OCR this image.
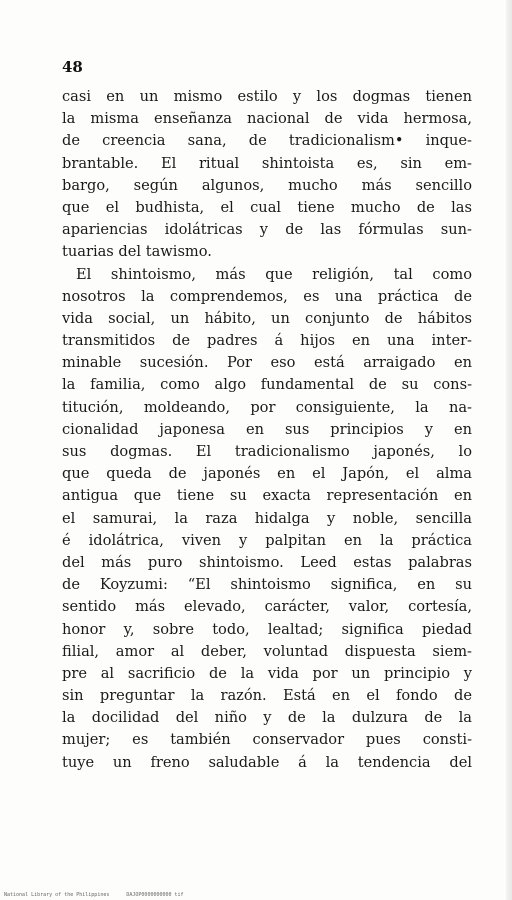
48
casi en un mismo estilo y los dogmas tienen
la misma enseñanza nacional de vida hermosa,
de creencia sana, de tradicionalism• inque-
brantable. El ritual shintoista es, sin em-
bargo, según algunos, mucho más sencillo
que el budhista, el cual tiene mucho de las
apariencias idolátricas y de las fórmulas sun-
tuarias del tawismo.
El shintoismo, más que religión, tal como
nosotros la comprendemos, es una práctica de
vida social, un hábito, un conjunto de hábitos
transmitidos de padres á hijos en una inter-
minable sucesión. Por eso está arraigado en
la familia, como algo fundamental de su cons-
titución, moldeando, por consiguiente, la na-
cionalidad japonesa en sus principios y en
sus dogmas. El tradicionalismo japonés, lo
que queda de japonés en el Japón, el alma
antigua que tiene su exacta representación en
el samurai, la raza hidalga y noble, sencilla
é idolátrica, viven y palpitan en la práctica
del más puro shintoismo. Leed estas palabras
de Koyzumi: “El shintoismo significa, en su
sentido más elevado, carácter, valor, cortesía,
honor y, sobre todo, lealtad; significa piedad
filial, amor al deber, voluntad dispuesta siem-
pre al sacrificio de la vida por un principio y
sin preguntar la razón. Está en el fondo de
la docilidad del niño y de la dulzura de la
mujer; es también conservador pues consti-
tuye un freno saludable á la tendencia del
National Library of the Philippines	DAJOP0000000000 tif
